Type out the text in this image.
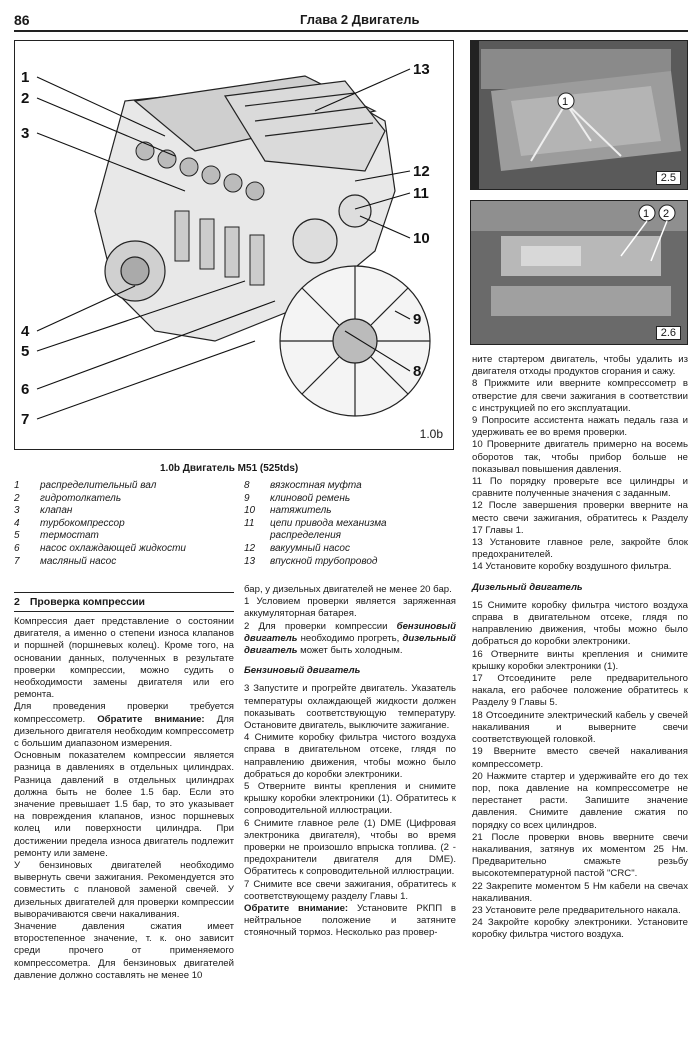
86	Глава 2 Двигатель
1
2
3
4
5
6
7
8
9
10
11
12
13
1.0b
1
2.5
1 2
2.6
1.0b Двигатель M51 (525tds)
1	распределительный вал
2	гидротолкатель
3	клапан
4	турбокомпрессор
5	термостат
6	насос охлаждающей жидкости
7	масляный насос
8	вязкостная муфта
9	клиновой ремень
10	натяжитель
11	цепи привода механизма
распределения
12	вакуумный насос
13	впускной трубопровод
2 Проверка компрессии

Компрессия дает представление о состоянии двигателя, а именно о степени износа клапанов и поршней (поршневых колец). Кроме того, на основании данных, полученных в результате проверки компрессии, можно судить о необходимости замены двигателя или его ремонта.

Для проведения проверки требуется компрессометр. Обратите внимание: Для дизельного двигателя необходим компрессометр с большим диапазоном измерения.

Основным показателем компрессии является разница в давлениях в отдельных цилиндрах. Разница давлений в отдельных цилиндрах должна быть не более 1.5 бар. Если это значение превышает 1.5 бар, то это указывает на повреждения клапанов, износ поршневых колец или поверхности цилиндра. При достижении предела износа двигатель подлежит ремонту или замене.

У бензиновых двигателей необходимо вывернуть свечи зажигания. Рекомендуется это совместить с плановой заменой свечей. У дизельных двигателей для проверки компрессии выворачиваются свечи накаливания.

Значение давления сжатия имеет второстепенное значение, т. к. оно зависит среди прочего от применяемого компрессометра. Для бензиновых двигателей давление должно составлять не менее 10

бар, у дизельных двигателей не менее 20 бар.

1 Условием проверки является заряженная аккумуляторная батарея.

2 Для проверки компрессии бензиновый двигатель необходимо прогреть, дизельный двигатель может быть холодным.

Бензиновый двигатель

3 Запустите и прогрейте двигатель. Указатель температуры охлаждающей жидкости должен показывать соответствующую температуру. Остановите двигатель, выключите зажигание.

4 Снимите коробку фильтра чистого воздуха справа в двигательном отсеке, глядя по направлению движения, чтобы можно было добраться до коробки электроники.

5 Отверните винты крепления и снимите крышку коробки электроники (1). Обратитесь к сопроводительной иллюстрации.

6 Снимите главное реле (1) DME (Цифровая электроника двигателя), чтобы во время проверки не произошло впрыска топлива. (2 - предохранители двигателя для DME). Обратитесь к сопроводительной иллюстрации.

7 Снимите все свечи зажигания, обратитесь к соответствующему разделу Главы 1.

Обратите внимание: Установите РКПП в нейтральное положение и затяните стояночный тормоз. Несколько раз провер-

ните стартером двигатель, чтобы удалить из двигателя отходы продуктов сгорания и сажу.

8 Прижмите или вверните компрессометр в отверстие для свечи зажигания в соответствии с инструкцией по его эксплуатации.

9 Попросите ассистента нажать педаль газа и удерживать ее во время проверки.

10 Проверните двигатель примерно на восемь оборотов так, чтобы прибор больше не показывал повышения давления.

11 По порядку проверьте все цилиндры и сравните полученные значения с заданным.

12 После завершения проверки вверните на место свечи зажигания, обратитесь к Разделу 17 Главы 1.

13 Установите главное реле, закройте блок предохранителей.

14 Установите коробку воздушного фильтра.

Дизельный двигатель

15 Снимите коробку фильтра чистого воздуха справа в двигательном отсеке, глядя по направлению движения, чтобы можно было добраться до коробки электроники.

16 Отверните винты крепления и снимите крышку коробки электроники (1).

17 Отсоедините реле предварительного накала, его рабочее положение обратитесь к Разделу 9 Главы 5.

18 Отсоедините электрический кабель у свечей накаливания и выверните свечи соответствующей головкой.

19 Вверните вместо свечей накаливания компрессометр.

20 Нажмите стартер и удерживайте его до тех пор, пока давление на компрессометре не перестанет расти. Запишите значение давления. Снимите давление сжатия по порядку со всех цилиндров.

21 После проверки вновь вверните свечи накаливания, затянув их моментом 25 Нм. Предварительно смажьте резьбу высокотемпературной пастой "CRC".

22 Закрепите моментом 5 Нм кабели на свечах накаливания.

23 Установите реле предварительного накала.

24 Закройте коробку электроники. Установите коробку фильтра чистого воздуха.
